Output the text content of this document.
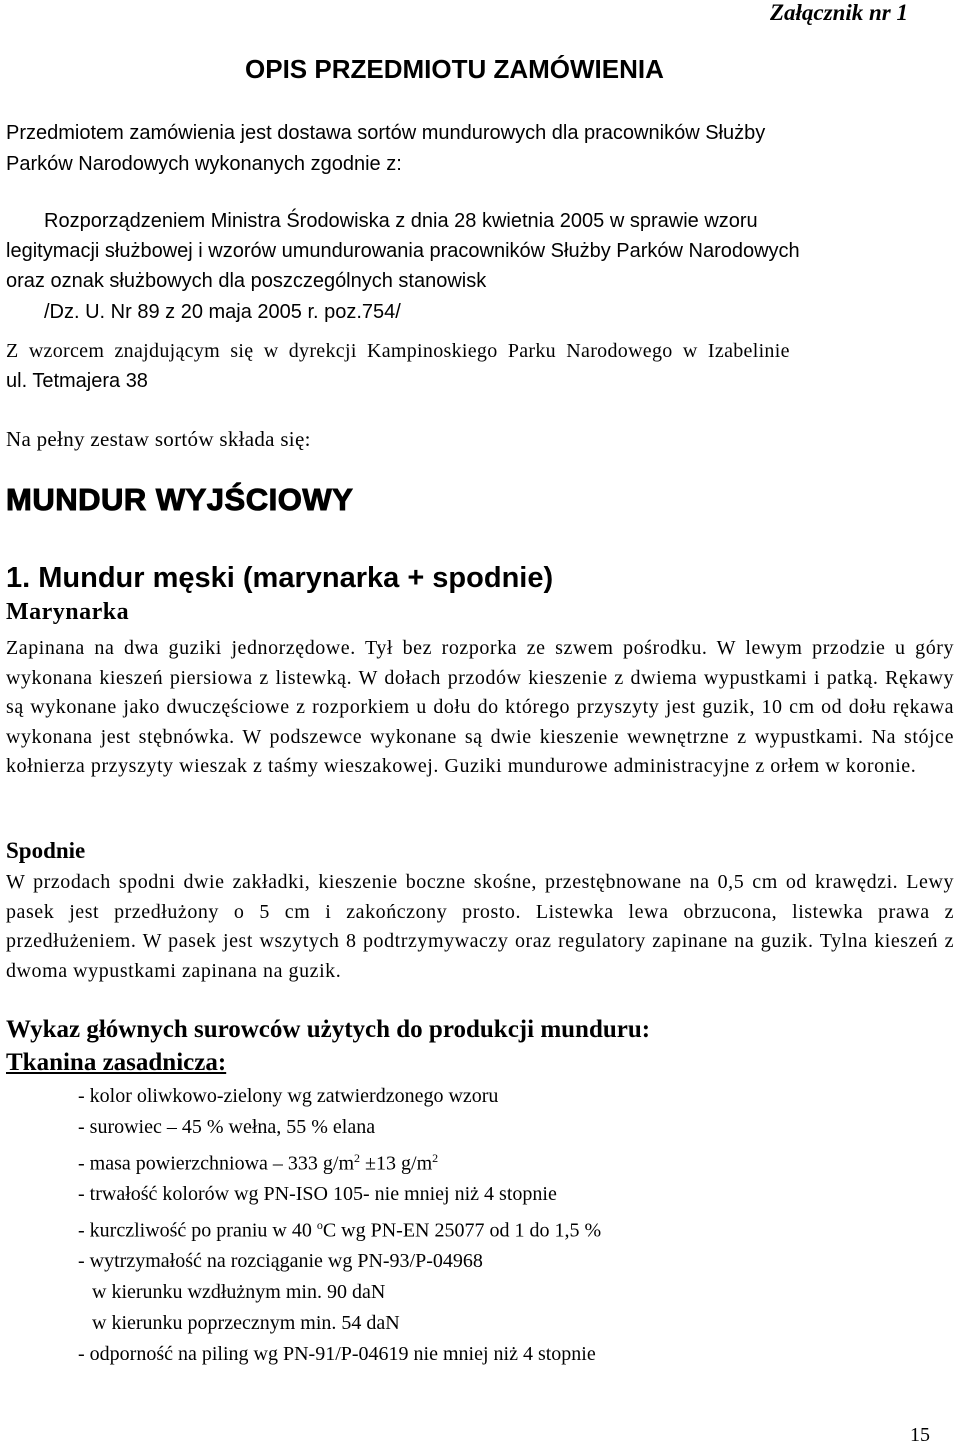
Załącznik nr 1
OPIS PRZEDMIOTU ZAMÓWIENIA
Przedmiotem zamówienia jest dostawa sortów mundurowych dla pracowników Służby
Parków Narodowych wykonanych zgodnie z:
Rozporządzeniem Ministra Środowiska z dnia 28 kwietnia 2005 w sprawie wzoru
legitymacji służbowej i wzorów umundurowania pracowników Służby Parków Narodowych
oraz oznak służbowych dla poszczególnych stanowisk
/Dz. U. Nr 89 z 20 maja 2005 r. poz.754/
Z wzorcem znajdującym się w dyrekcji Kampinoskiego Parku Narodowego w Izabelinie
ul. Tetmajera 38
Na pełny zestaw sortów składa się:
MUNDUR WYJŚCIOWY
1. Mundur męski (marynarka + spodnie)
Marynarka
Zapinana na dwa guziki jednorzędowe. Tył bez rozporka ze szwem pośrodku. W lewym przodzie u góry wykonana kieszeń piersiowa z listewką. W dołach przodów kieszenie z dwiema wypustkami i patką. Rękawy są wykonane jako dwuczęściowe z rozporkiem u dołu do którego przyszyty jest guzik, 10 cm od dołu rękawa wykonana jest stębnówka. W podszewce wykonane są dwie kieszenie wewnętrzne z wypustkami. Na stójce kołnierza przyszyty wieszak z taśmy wieszakowej. Guziki mundurowe administracyjne z orłem w koronie.
Spodnie
W przodach spodni dwie zakładki, kieszenie boczne skośne, przestębnowane na 0,5 cm od krawędzi. Lewy pasek jest przedłużony o 5 cm i zakończony prosto. Listewka lewa obrzucona, listewka prawa z przedłużeniem. W pasek jest wszytych 8 podtrzymywaczy oraz regulatory zapinane na guzik. Tylna kieszeń z dwoma wypustkami zapinana na guzik.
Wykaz głównych surowców użytych do produkcji munduru:
Tkanina zasadnicza:
- kolor oliwkowo-zielony wg zatwierdzonego wzoru
- surowiec – 45 % wełna, 55 % elana
- masa powierzchniowa – 333 $g/m^2 \pm 13$ $g/m^2$
- trwałość kolorów wg PN-ISO 105- nie mniej niż 4 stopnie
- kurczliwość po praniu w 40 $^o$C wg PN-EN 25077 od 1 do 1,5 %
- wytrzymałość na rozciąganie wg PN-93/P-04968
w kierunku wzdłużnym min. 90 daN
w kierunku poprzecznym min. 54 daN
- odporność na piling wg PN-91/P-04619 nie mniej niż 4 stopnie
15
